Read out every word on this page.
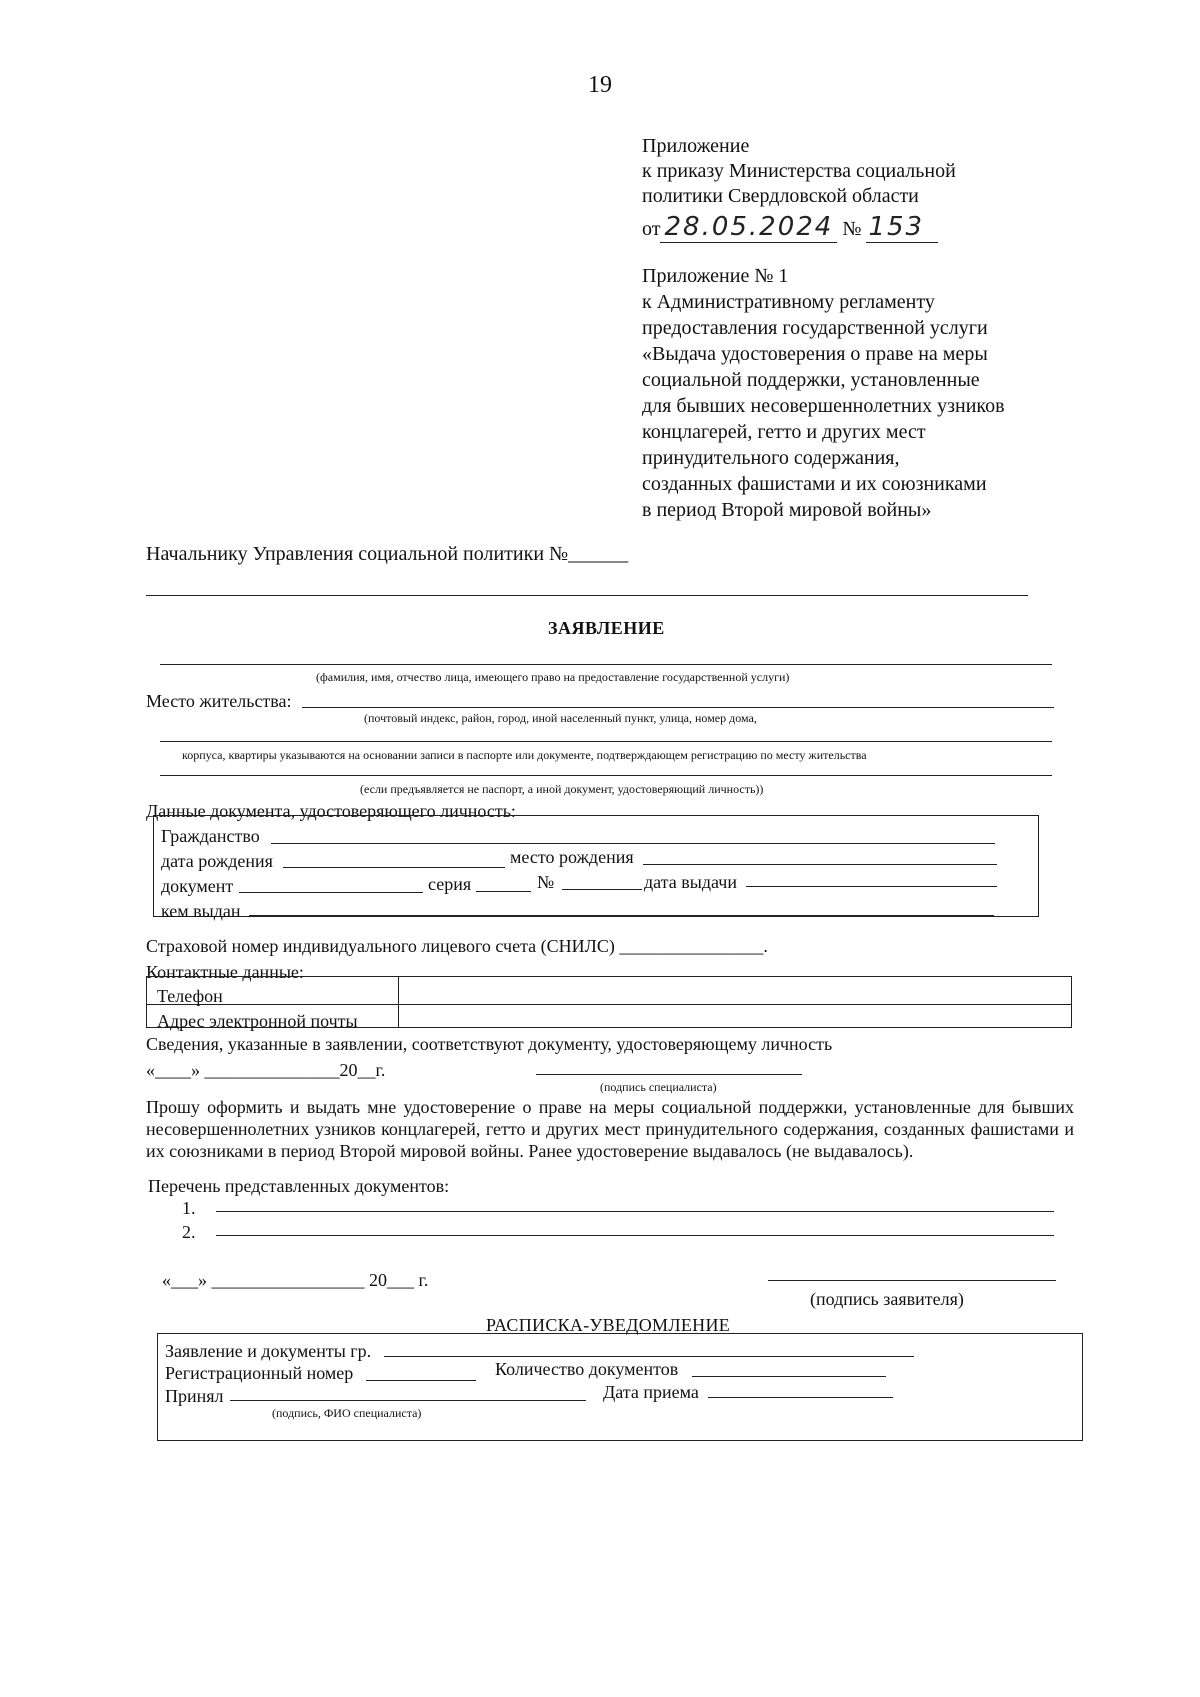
19
Приложение
к приказу Министерства социальной
политики Свердловской области
от 28.05.2024 № 153
Приложение № 1
к Административному регламенту
предоставления государственной услуги
«Выдача удостоверения о праве на меры
социальной поддержки, установленные
для бывших несовершеннолетних узников
концлагерей, гетто и других мест
принудительного содержания,
созданных фашистами и их союзниками
в период Второй мировой войны»
Начальнику Управления социальной политики №______
ЗАЯВЛЕНИЕ
(фамилия, имя, отчество лица, имеющего право на предоставление государственной услуги)
Место жительства:
(почтовый индекс, район, город, иной населенный пункт, улица, номер дома,
корпуса, квартиры указываются на основании записи в паспорте или документе, подтверждающем регистрацию по месту жительства
(если предъявляется не паспорт, а иной документ, удостоверяющий личность))
Данные документа, удостоверяющего личность:
Гражданство
дата рождения	место рождения
документ	серия	№	дата выдачи
кем выдан
Страховой номер индивидуального лицевого счета (СНИЛС) ________________.
Контактные данные:
Телефон
Адрес электронной почты
Сведения, указанные в заявлении, соответствуют документу, удостоверяющему личность
«____» _______________20__г.
(подпись специалиста)
Прошу оформить и выдать мне удостоверение о праве на меры социальной поддержки, установленные для бывших несовершеннолетних узников концлагерей, гетто и других мест принудительного содержания, созданных фашистами и их союзниками в период Второй мировой войны. Ранее удостоверение выдавалось (не выдавалось).
Перечень представленных документов:
1.
2.
«___» _________________ 20___ г.
(подпись заявителя)
РАСПИСКА-УВЕДОМЛЕНИЕ
Заявление и документы гр.
Регистрационный номер	Количество документов
Принял	Дата приема
(подпись, ФИО специалиста)
